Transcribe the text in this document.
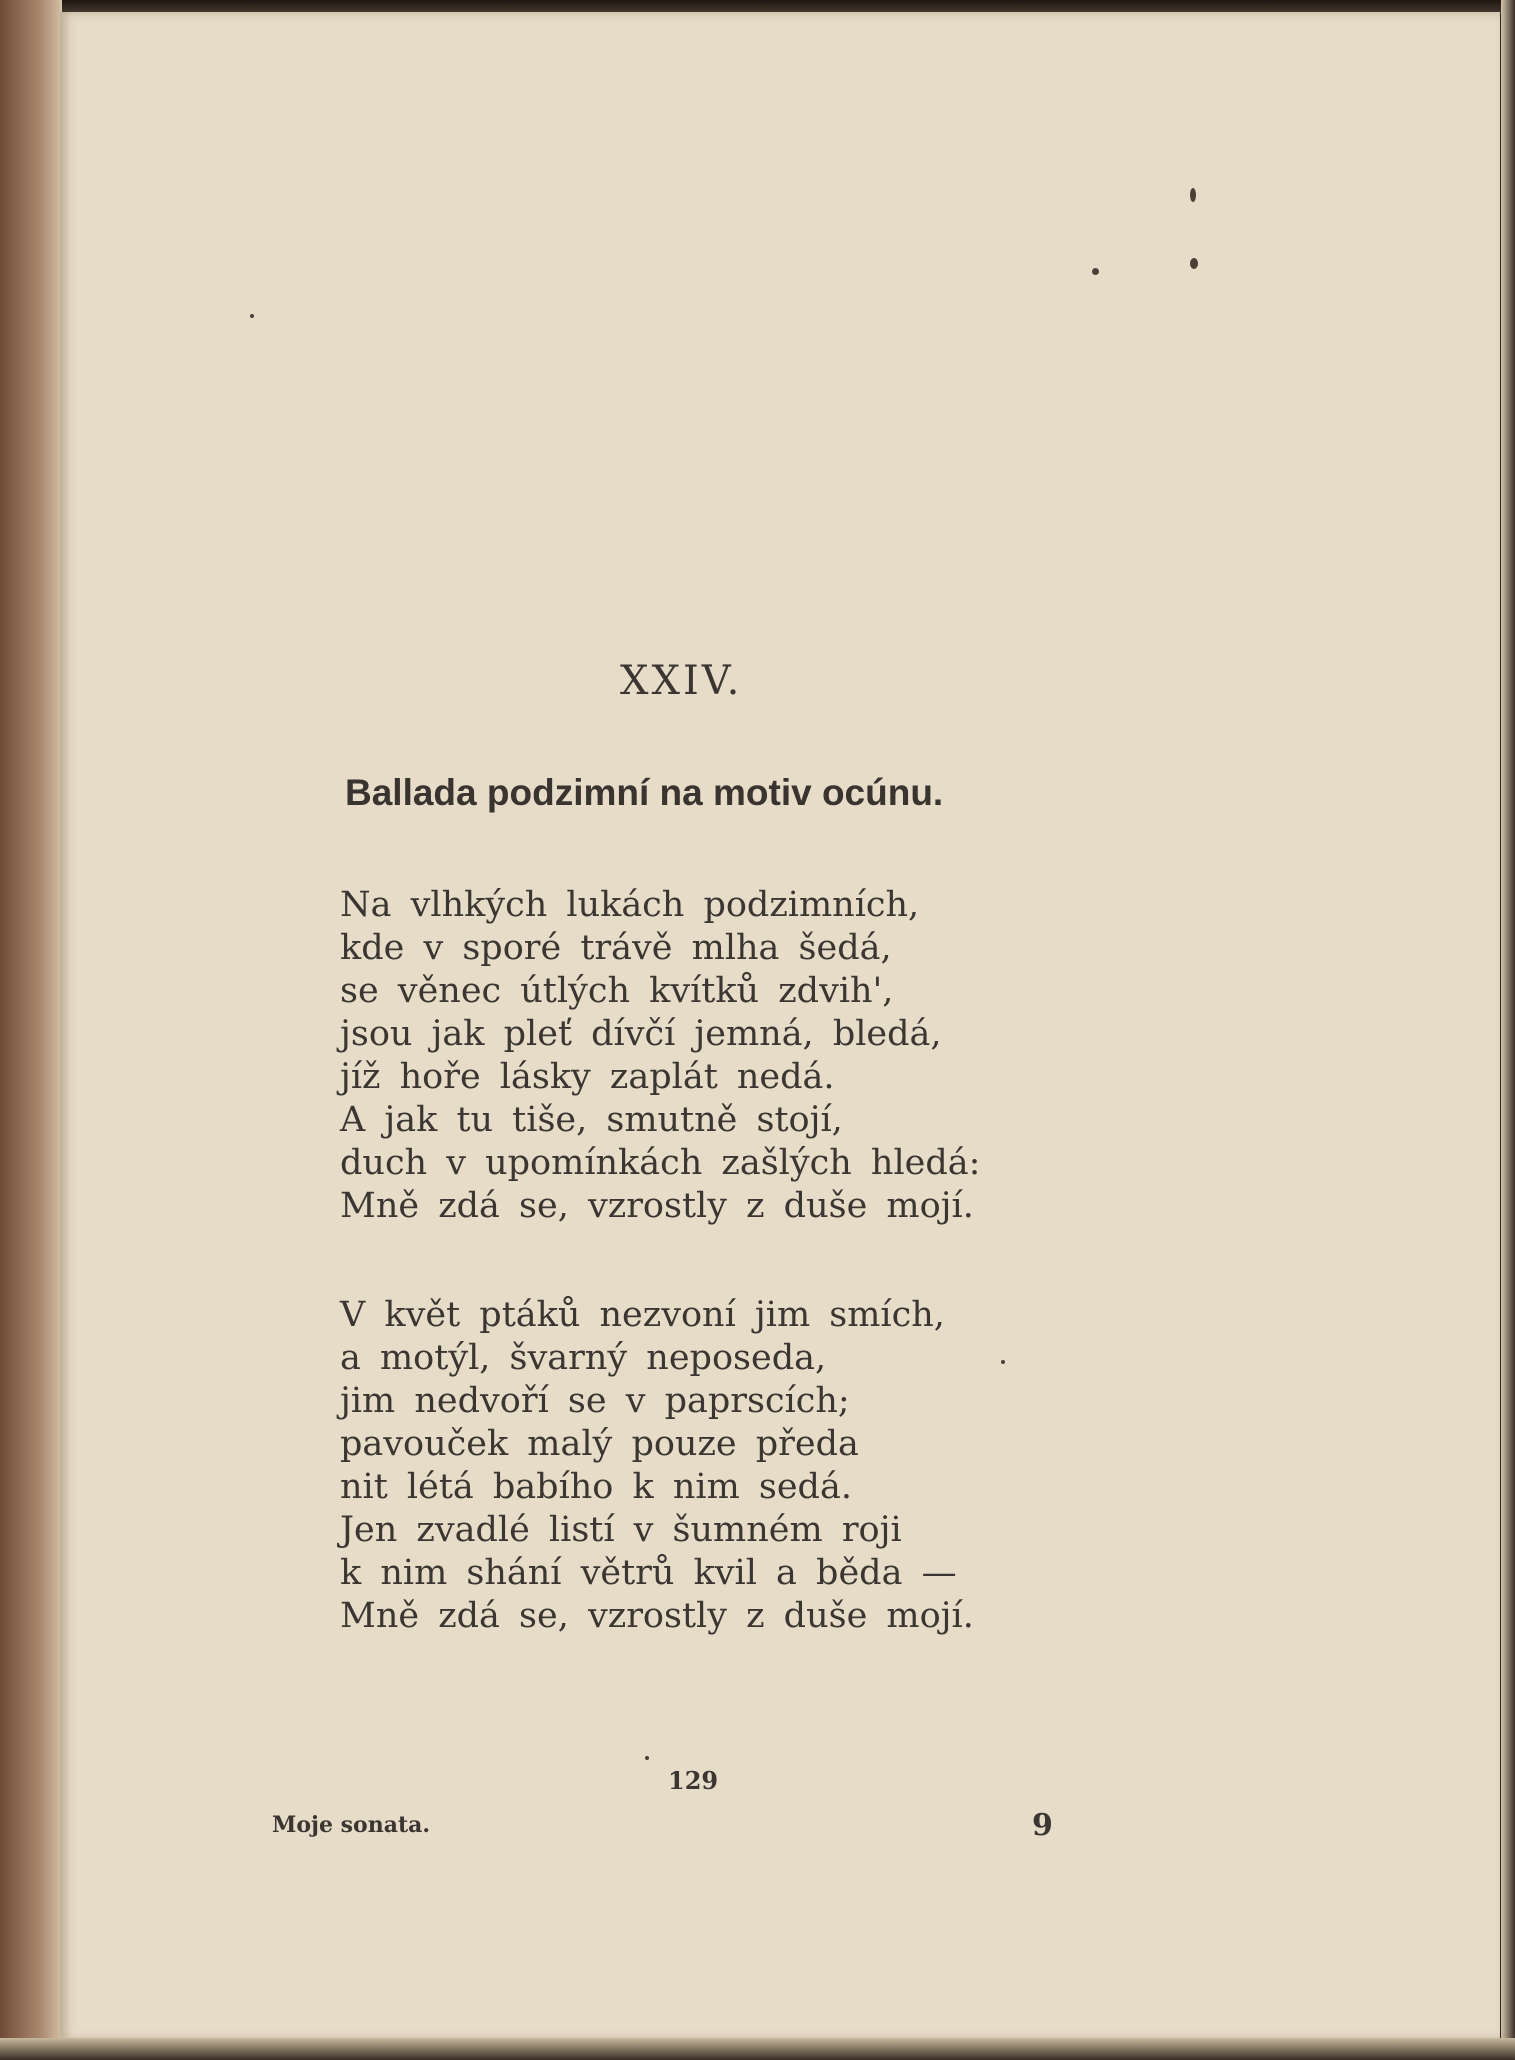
XXIV.
Ballada podzimní na motiv ocúnu.
Na vlhkých lukách podzimních,
kde v sporé trávě mlha šedá,
se věnec útlých kvítků zdvih',
jsou jak pleť dívčí jemná, bledá,
jíž hoře lásky zaplát nedá.
A jak tu tiše, smutně stojí,
duch v upomínkách zašlých hledá:
Mně zdá se, vzrostly z duše mojí.
V květ ptáků nezvoní jim smích,
a motýl, švarný neposeda,
jim nedvoří se v paprscích;
pavouček malý pouze předa
nit létá babího k nim sedá.
Jen zvadlé listí v šumném roji
k nim shání větrů kvil a běda —
Mně zdá se, vzrostly z duše mojí.
129
Moje sonata.	9
